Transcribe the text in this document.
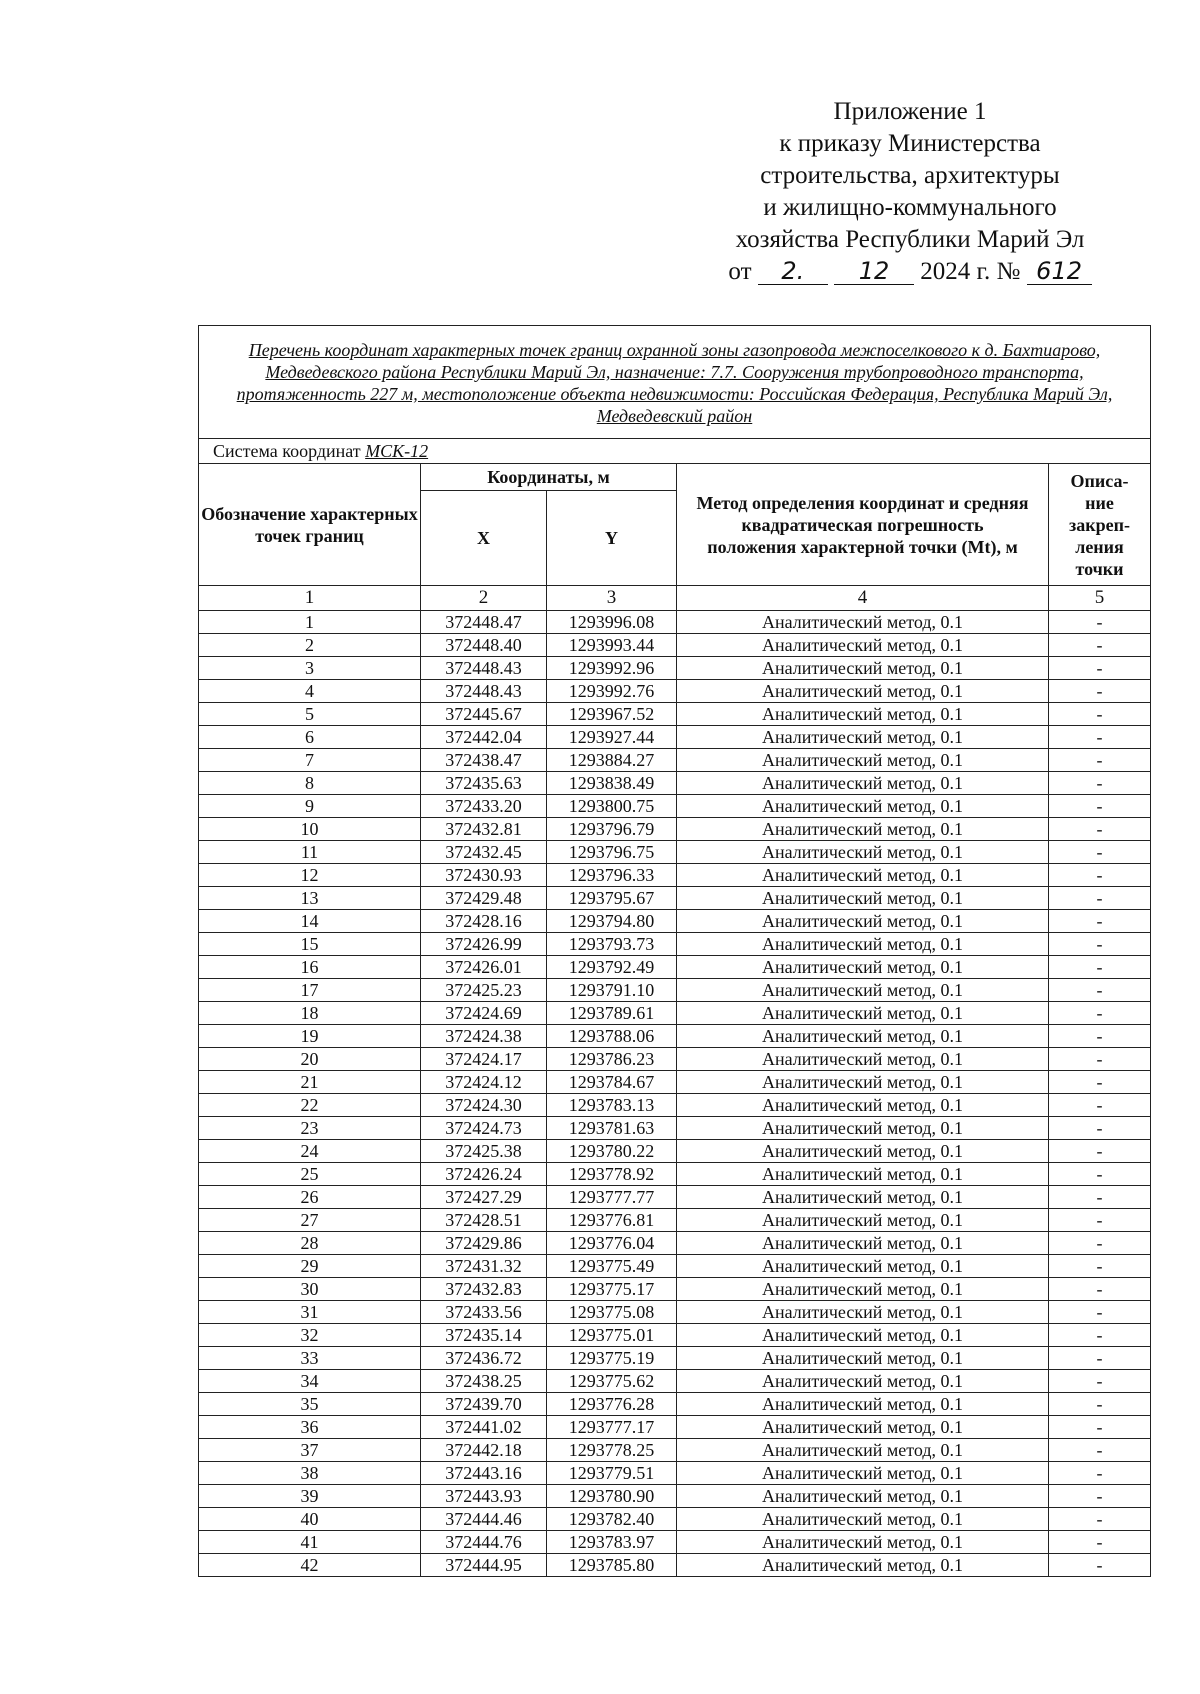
Приложение 1
к приказу Министерства
строительства, архитектуры
и жилищно-коммунального
хозяйства Республики Марий Эл
от 2. 12 2024 г. № 612
Перечень координат характерных точек границ охранной зоны газопровода межпоселкового к д. Бахтиарово, Медведевского района Республики Марий Эл, назначение: 7.7. Сооружения трубопроводного транспорта, протяженность 227 м, местоположение объекта недвижимости: Российская Федерация, Республика Марий Эл, Медведевский район				
Система координат МСК-12				
Обозначение характерных точек границ	Координаты, м		Метод определения координат и средняя квадратическая погрешность положения характерной точки (Mt), м	Описа-ние закреп-ления точки
	X	Y		
1	2	3	4	5
1	372448.47	1293996.08	Аналитический метод, 0.1	-
2	372448.40	1293993.44	Аналитический метод, 0.1	-
3	372448.43	1293992.96	Аналитический метод, 0.1	-
4	372448.43	1293992.76	Аналитический метод, 0.1	-
5	372445.67	1293967.52	Аналитический метод, 0.1	-
6	372442.04	1293927.44	Аналитический метод, 0.1	-
7	372438.47	1293884.27	Аналитический метод, 0.1	-
8	372435.63	1293838.49	Аналитический метод, 0.1	-
9	372433.20	1293800.75	Аналитический метод, 0.1	-
10	372432.81	1293796.79	Аналитический метод, 0.1	-
11	372432.45	1293796.75	Аналитический метод, 0.1	-
12	372430.93	1293796.33	Аналитический метод, 0.1	-
13	372429.48	1293795.67	Аналитический метод, 0.1	-
14	372428.16	1293794.80	Аналитический метод, 0.1	-
15	372426.99	1293793.73	Аналитический метод, 0.1	-
16	372426.01	1293792.49	Аналитический метод, 0.1	-
17	372425.23	1293791.10	Аналитический метод, 0.1	-
18	372424.69	1293789.61	Аналитический метод, 0.1	-
19	372424.38	1293788.06	Аналитический метод, 0.1	-
20	372424.17	1293786.23	Аналитический метод, 0.1	-
21	372424.12	1293784.67	Аналитический метод, 0.1	-
22	372424.30	1293783.13	Аналитический метод, 0.1	-
23	372424.73	1293781.63	Аналитический метод, 0.1	-
24	372425.38	1293780.22	Аналитический метод, 0.1	-
25	372426.24	1293778.92	Аналитический метод, 0.1	-
26	372427.29	1293777.77	Аналитический метод, 0.1	-
27	372428.51	1293776.81	Аналитический метод, 0.1	-
28	372429.86	1293776.04	Аналитический метод, 0.1	-
29	372431.32	1293775.49	Аналитический метод, 0.1	-
30	372432.83	1293775.17	Аналитический метод, 0.1	-
31	372433.56	1293775.08	Аналитический метод, 0.1	-
32	372435.14	1293775.01	Аналитический метод, 0.1	-
33	372436.72	1293775.19	Аналитический метод, 0.1	-
34	372438.25	1293775.62	Аналитический метод, 0.1	-
35	372439.70	1293776.28	Аналитический метод, 0.1	-
36	372441.02	1293777.17	Аналитический метод, 0.1	-
37	372442.18	1293778.25	Аналитический метод, 0.1	-
38	372443.16	1293779.51	Аналитический метод, 0.1	-
39	372443.93	1293780.90	Аналитический метод, 0.1	-
40	372444.46	1293782.40	Аналитический метод, 0.1	-
41	372444.76	1293783.97	Аналитический метод, 0.1	-
42	372444.95	1293785.80	Аналитический метод, 0.1	-
